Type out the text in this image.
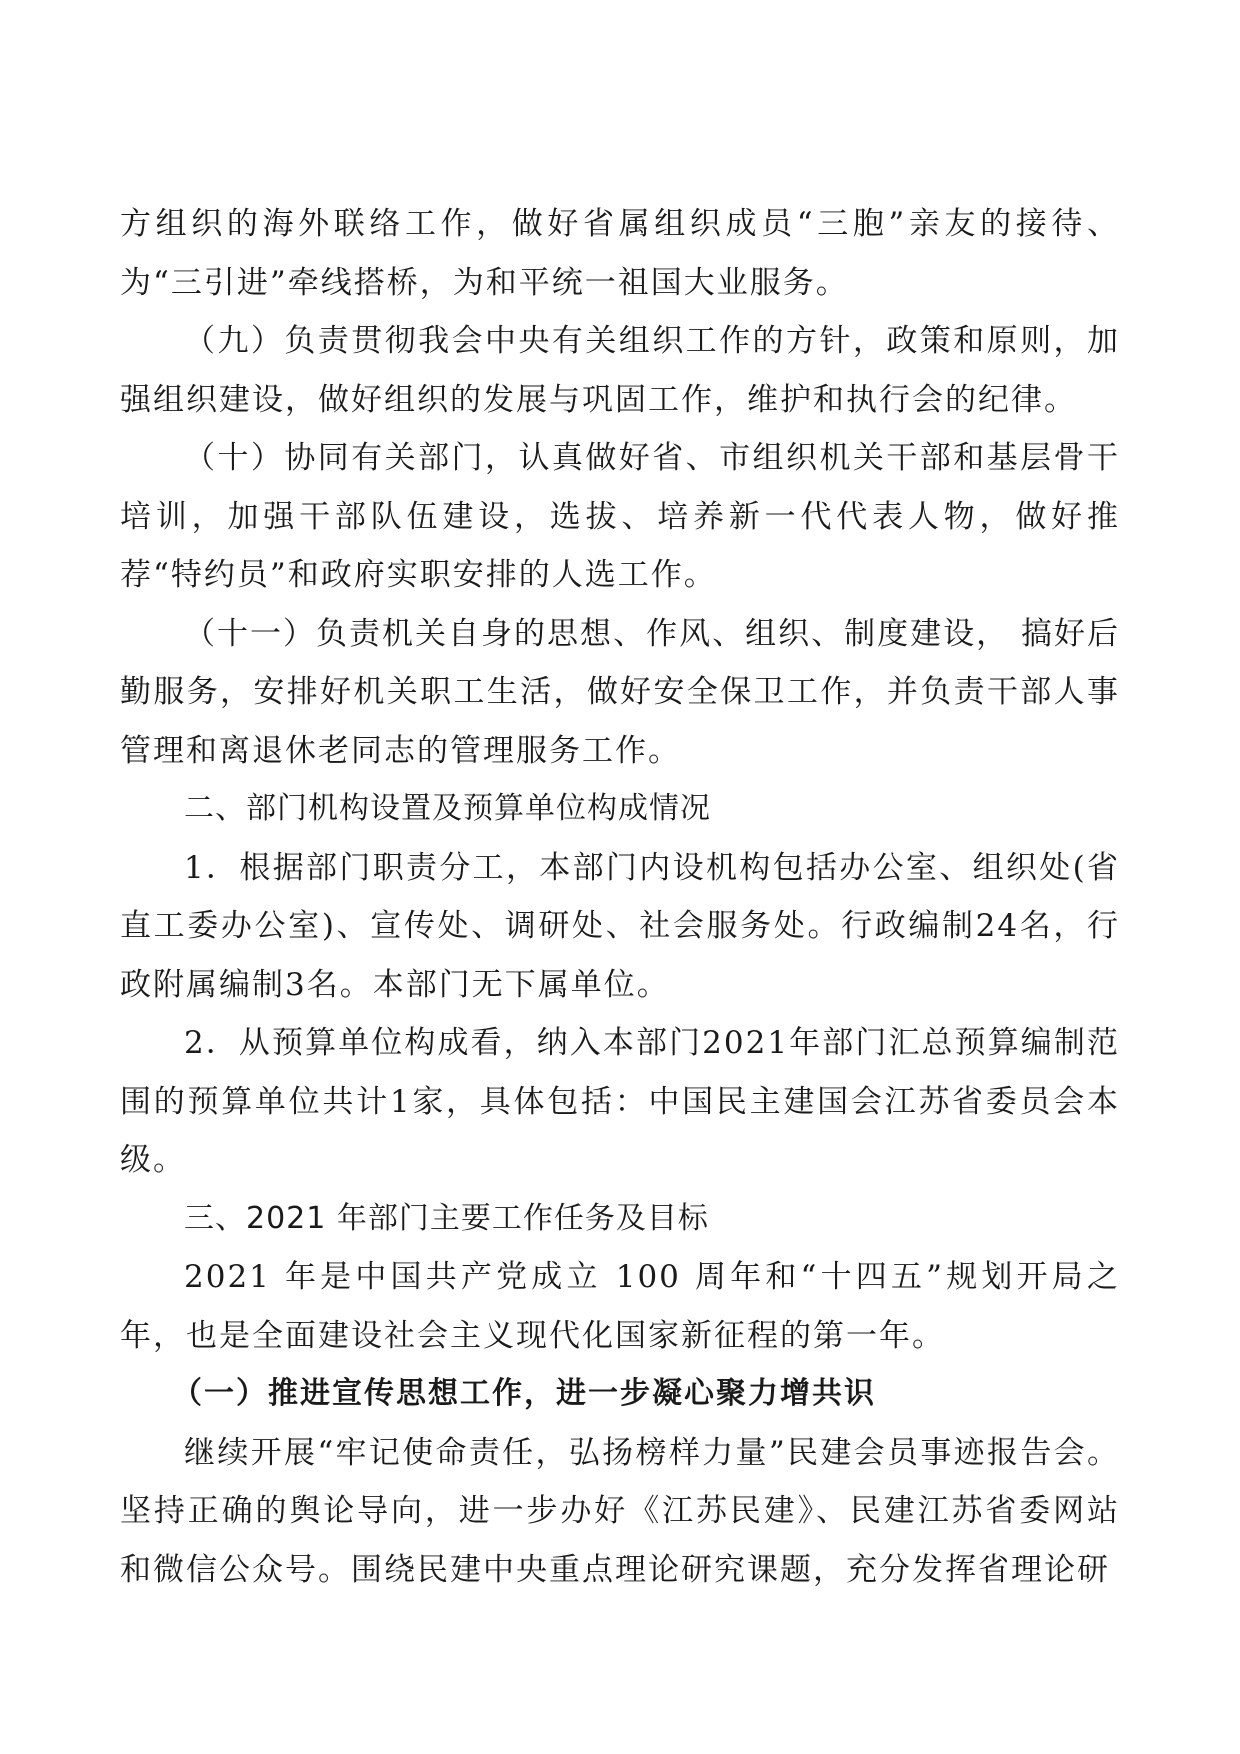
方组织的海外联络工作，做好省属组织成员“三胞”亲友的接待、为“三引进”牵线搭桥，为和平统一祖国大业服务。

（九）负责贯彻我会中央有关组织工作的方针，政策和原则，加强组织建设，做好组织的发展与巩固工作，维护和执行会的纪律。

（十）协同有关部门，认真做好省、市组织机关干部和基层骨干培训，加强干部队伍建设，选拔、培养新一代代表人物，做好推荐“特约员”和政府实职安排的人选工作。

（十一）负责机关自身的思想、作风、组织、制度建设， 搞好后勤服务，安排好机关职工生活，做好安全保卫工作，并负责干部人事管理和离退休老同志的管理服务工作。

二、部门机构设置及预算单位构成情况

1．根据部门职责分工，本部门内设机构包括办公室、组织处(省直工委办公室)、宣传处、调研处、社会服务处。行政编制24名，行政附属编制3名。本部门无下属单位。

2．从预算单位构成看，纳入本部门2021年部门汇总预算编制范围的预算单位共计1家，具体包括：中国民主建国会江苏省委员会本级。

三、2021 年部门主要工作任务及目标

2021 年是中国共产党成立 100 周年和“十四五”规划开局之年，也是全面建设社会主义现代化国家新征程的第一年。

（一）推进宣传思想工作，进一步凝心聚力增共识

继续开展“牢记使命责任，弘扬榜样力量”民建会员事迹报告会。坚持正确的舆论导向，进一步办好《江苏民建》、民建江苏省委网站和微信公众号。围绕民建中央重点理论研究课题，充分发挥省理论研
